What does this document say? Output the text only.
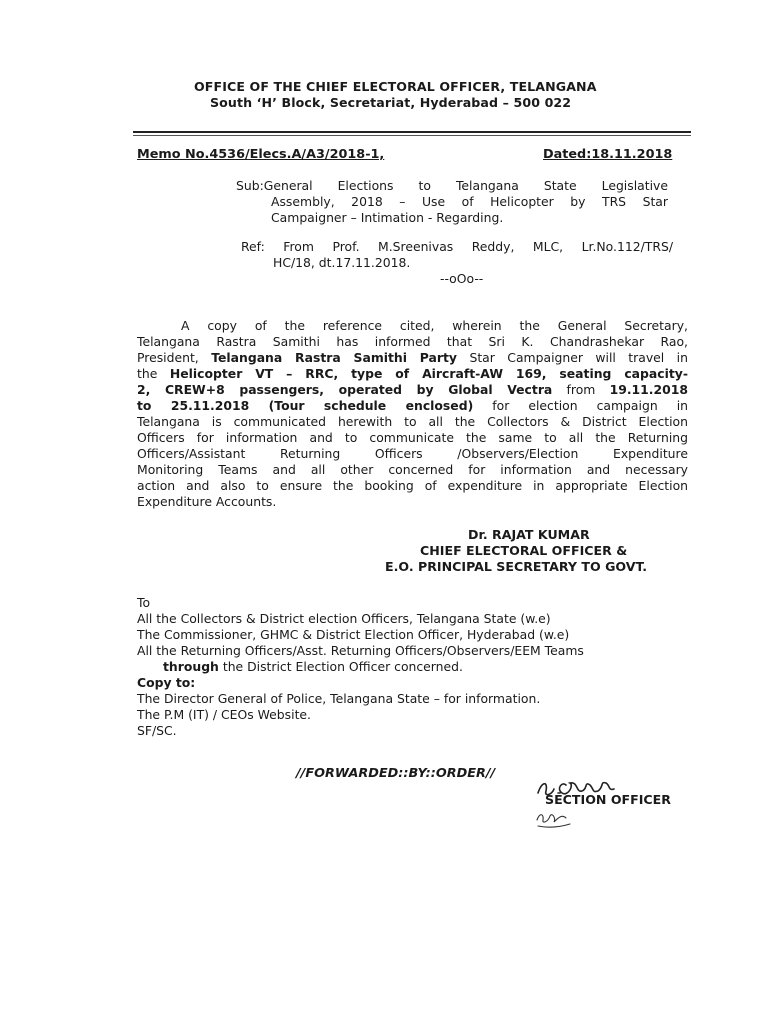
OFFICE OF THE CHIEF ELECTORAL OFFICER, TELANGANA
South ‘H’ Block, Secretariat, Hyderabad – 500 022
Memo No.4536/Elecs.A/A3/2018-1,	Dated:18.11.2018
Sub:General Elections to Telangana State Legislative
Assembly, 2018 – Use of Helicopter by TRS Star
Campaigner – Intimation - Regarding.
Ref: From Prof. M.Sreenivas Reddy, MLC, Lr.No.112/TRS/
HC/18, dt.17.11.2018.
--oOo--
A copy of the reference cited, wherein the General Secretary,
Telangana Rastra Samithi has informed that Sri K. Chandrashekar Rao,
President, Telangana Rastra Samithi Party Star Campaigner will travel in
the Helicopter VT – RRC, type of Aircraft-AW 169, seating capacity-
2, CREW+8 passengers, operated by Global Vectra from 19.11.2018
to 25.11.2018 (Tour schedule enclosed) for election campaign in
Telangana is communicated herewith to all the Collectors & District Election
Officers for information and to communicate the same to all the Returning
Officers/Assistant Returning Officers /Observers/Election Expenditure
Monitoring Teams and all other concerned for information and necessary
action and also to ensure the booking of expenditure in appropriate Election
Expenditure Accounts.
Dr. RAJAT KUMAR
CHIEF ELECTORAL OFFICER &
E.O. PRINCIPAL SECRETARY TO GOVT.
To
All the Collectors & District election Officers, Telangana State (w.e)
The Commissioner, GHMC & District Election Officer, Hyderabad (w.e)
All the Returning Officers/Asst. Returning Officers/Observers/EEM Teams
through the District Election Officer concerned.
Copy to:
The Director General of Police, Telangana State – for information.
The P.M (IT) / CEOs Website.
SF/SC.
//FORWARDED::BY::ORDER//
SECTION OFFICER
